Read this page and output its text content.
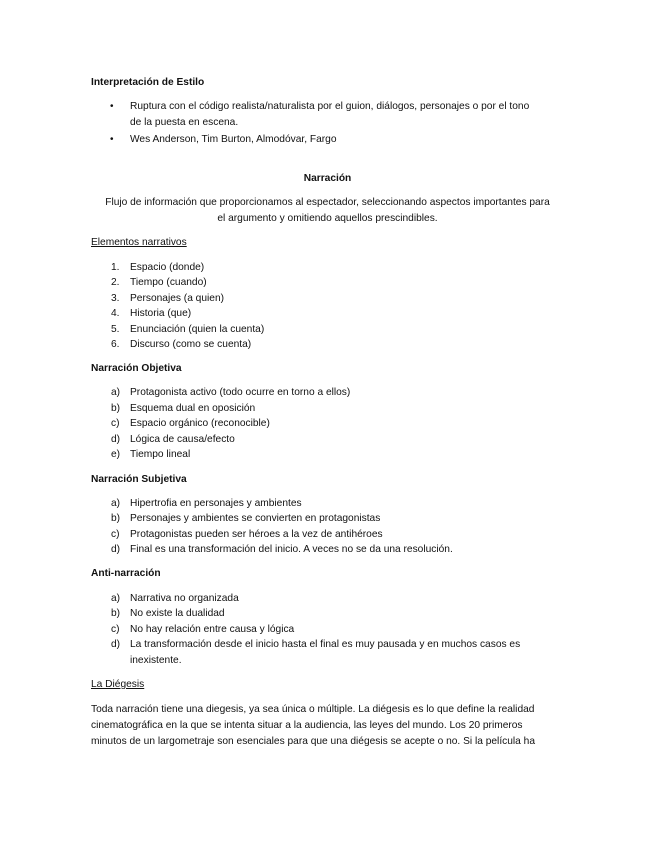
Interpretación de Estilo
• Ruptura con el código realista/naturalista por el guion, diálogos, personajes o por el tono
de la puesta en escena.
• Wes Anderson, Tim Burton, Almodóvar, Fargo
Narración
Flujo de información que proporcionamos al espectador, seleccionando aspectos importantes para
el argumento y omitiendo aquellos prescindibles.
Elementos narrativos
1. Espacio (donde)
2. Tiempo (cuando)
3. Personajes (a quien)
4. Historia (que)
5. Enunciación (quien la cuenta)
6. Discurso (como se cuenta)
Narración Objetiva
a) Protagonista activo (todo ocurre en torno a ellos)
b) Esquema dual en oposición
c) Espacio orgánico (reconocible)
d) Lógica de causa/efecto
e) Tiempo lineal
Narración Subjetiva
a) Hipertrofia en personajes y ambientes
b) Personajes y ambientes se convierten en protagonistas
c) Protagonistas pueden ser héroes a la vez de antihéroes
d) Final es una transformación del inicio. A veces no se da una resolución.
Anti-narración
a) Narrativa no organizada
b) No existe la dualidad
c) No hay relación entre causa y lógica
d) La transformación desde el inicio hasta el final es muy pausada y en muchos casos es
inexistente.
La Diégesis
Toda narración tiene una diegesis, ya sea única o múltiple. La diégesis es lo que define la realidad
cinematográfica en la que se intenta situar a la audiencia, las leyes del mundo. Los 20 primeros
minutos de un largometraje son esenciales para que una diégesis se acepte o no. Si la película ha
